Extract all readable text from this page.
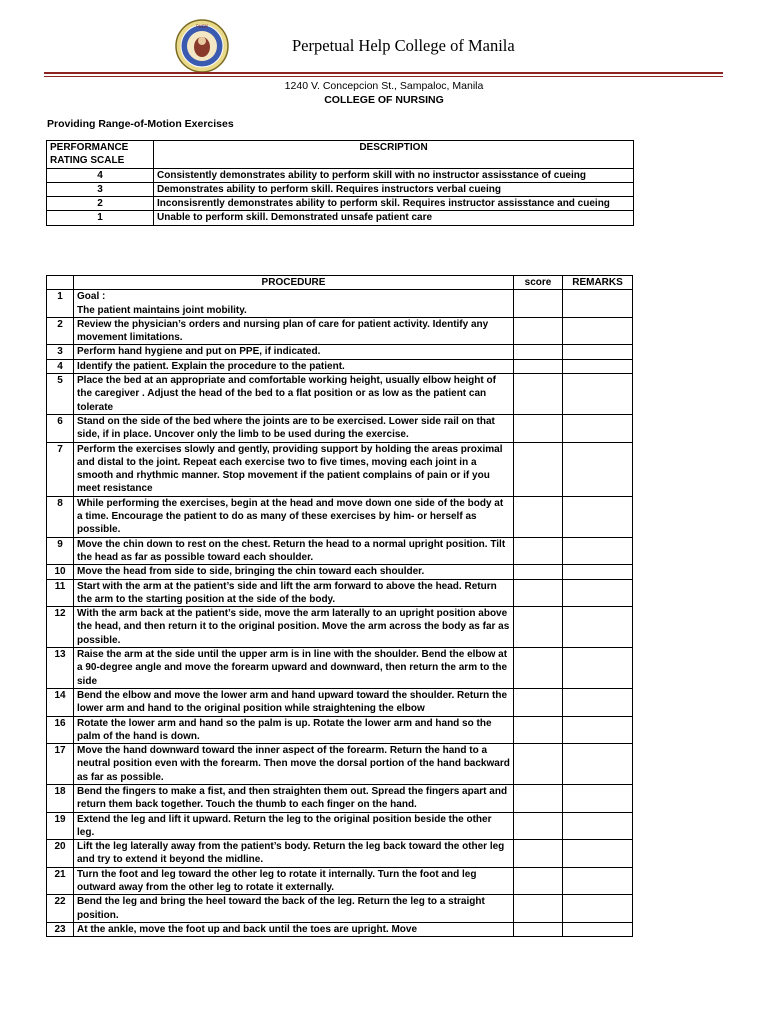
PHCM
Perpetual Help College of Manila
1240 V. Concepcion St., Sampaloc, Manila
COLLEGE OF NURSING
Providing Range-of-Motion Exercises
PERFORMANCE RATING SCALE	DESCRIPTION
4	Consistently demonstrates ability to perform skill with no instructor assisstance of cueing
3	Demonstrates ability to perform skill. Requires instructors verbal cueing
2	Inconsisrently demonstrates ability to perform skil. Requires instructor assisstance and cueing
1	Unable to perform skill. Demonstrated unsafe patient care
	PROCEDURE	score	REMARKS
1	Goal :
The patient maintains joint mobility.		
2	Review the physician’s orders and nursing plan of care for patient activity. Identify any movement limitations.		
3	Perform hand hygiene and put on PPE, if indicated.		
4	Identify the patient. Explain the procedure to the patient.		
5	Place the bed at an appropriate and comfortable working height, usually elbow height of the caregiver . Adjust the head of the bed to a flat position or as low as the patient can tolerate		
6	Stand on the side of the bed where the joints are to be exercised. Lower side rail on that side, if in place. Uncover only the limb to be used during the exercise.		
7	Perform the exercises slowly and gently, providing support by holding the areas proximal and distal to the joint. Repeat each exercise two to five times, moving each joint in a smooth and rhythmic manner. Stop movement if the patient complains of pain or if you meet resistance		
8	While performing the exercises, begin at the head and move down one side of the body at a time. Encourage the patient to do as many of these exercises by him- or herself as possible.		
9	Move the chin down to rest on the chest. Return the head to a normal upright position. Tilt the head as far as possible toward each shoulder.		
10	Move the head from side to side, bringing the chin toward each shoulder.		
11	Start with the arm at the patient’s side and lift the arm forward to above the head. Return the arm to the starting position at the side of the body.		
12	With the arm back at the patient’s side, move the arm laterally to an upright position above the head, and then return it to the original position. Move the arm across the body as far as possible.		
13	Raise the arm at the side until the upper arm is in line with the shoulder. Bend the elbow at a 90-degree angle and move the forearm upward and downward, then return the arm to the side		
14	Bend the elbow and move the lower arm and hand upward toward the shoulder. Return the lower arm and hand to the original position while straightening the elbow		
16	Rotate the lower arm and hand so the palm is up. Rotate the lower arm and hand so the palm of the hand is down.		
17	Move the hand downward toward the inner aspect of the forearm. Return the hand to a neutral position even with the forearm. Then move the dorsal portion of the hand backward as far as possible.		
18	Bend the fingers to make a fist, and then straighten them out. Spread the fingers apart and return them back together. Touch the thumb to each finger on the hand.		
19	Extend the leg and lift it upward. Return the leg to the original position beside the other leg.		
20	Lift the leg laterally away from the patient’s body. Return the leg back toward the other leg and try to extend it beyond the midline.		
21	Turn the foot and leg toward the other leg to rotate it internally. Turn the foot and leg outward away from the other leg to rotate it externally.		
22	Bend the leg and bring the heel toward the back of the leg. Return the leg to a straight position.		
23	At the ankle, move the foot up and back until the toes are upright. Move		
